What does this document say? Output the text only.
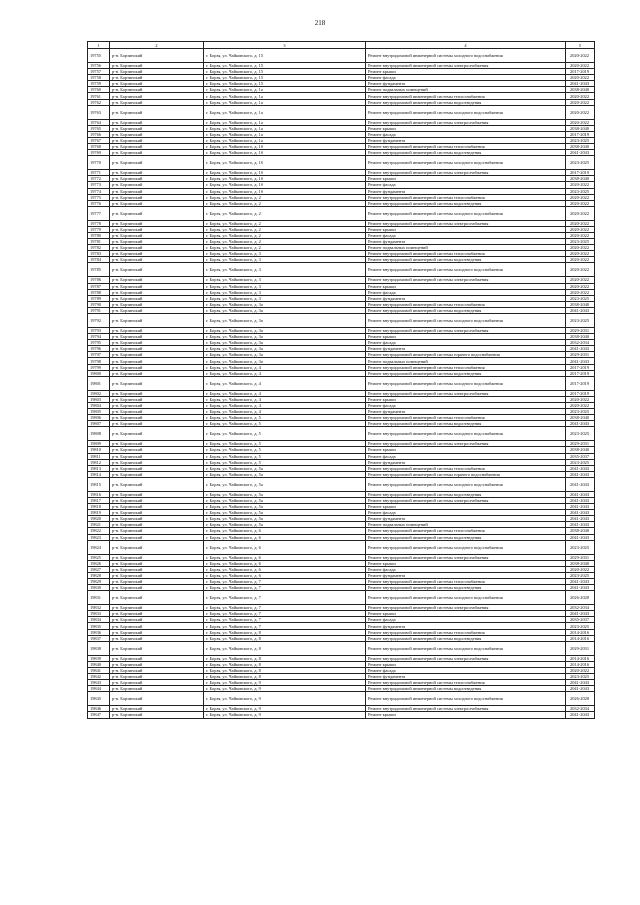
218
1	2	3	4	5
19755	р-н. Борзинский	г. Борзя, ул. Чайковского, д. 15	Ремонт внутридомовой инженерной системы холодного водоснабжения	2020-2022
19756	р-н. Борзинский	г. Борзя, ул. Чайковского, д. 15	Ремонт внутридомовой инженерной системы электроснабжения	2020-2022
19757	р-н. Борзинский	г. Борзя, ул. Чайковского, д. 15	Ремонт крыши	2017-2019
19758	р-н. Борзинский	г. Борзя, ул. Чайковского, д. 15	Ремонт фасада	2020-2022
19759	р-н. Борзинский	г. Борзя, ул. Чайковского, д. 15	Ремонт фундамента	2041-2043
19760	р-н. Борзинский	г. Борзя, ул. Чайковского, д. 1а	Ремонт подвальных помещений	2038-2040
19761	р-н. Борзинский	г. Борзя, ул. Чайковского, д. 1а	Ремонт внутридомовой инженерной системы теплоснабжения	2020-2022
19762	р-н. Борзинский	г. Борзя, ул. Чайковского, д. 1а	Ремонт внутридомовой инженерной системы водоотведения	2020-2022
19763	р-н. Борзинский	г. Борзя, ул. Чайковского, д. 1а	Ремонт внутридомовой инженерной системы холодного водоснабжения	2020-2022
19764	р-н. Борзинский	г. Борзя, ул. Чайковского, д. 1а	Ремонт внутридомовой инженерной системы электроснабжения	2020-2022
19765	р-н. Борзинский	г. Борзя, ул. Чайковского, д. 1а	Ремонт крыши	2038-2040
19766	р-н. Борзинский	г. Борзя, ул. Чайковского, д. 1а	Ремонт фасада	2017-2019
19767	р-н. Борзинский	г. Борзя, ул. Чайковского, д. 1а	Ремонт фундамента	2023-2025
19768	р-н. Борзинский	г. Борзя, ул. Чайковского, д. 1б	Ремонт внутридомовой инженерной системы теплоснабжения	2038-2040
19769	р-н. Борзинский	г. Борзя, ул. Чайковского, д. 1б	Ремонт внутридомовой инженерной системы водоотведения	2041-2043
19770	р-н. Борзинский	г. Борзя, ул. Чайковского, д. 1б	Ремонт внутридомовой инженерной системы холодного водоснабжения	2023-2025
19771	р-н. Борзинский	г. Борзя, ул. Чайковского, д. 1б	Ремонт внутридомовой инженерной системы электроснабжения	2017-2019
19772	р-н. Борзинский	г. Борзя, ул. Чайковского, д. 1б	Ремонт крыши	2038-2040
19773	р-н. Борзинский	г. Борзя, ул. Чайковского, д. 1б	Ремонт фасада	2020-2022
19774	р-н. Борзинский	г. Борзя, ул. Чайковского, д. 1б	Ремонт фундамента	2023-2025
19775	р-н. Борзинский	г. Борзя, ул. Чайковского, д. 2	Ремонт внутридомовой инженерной системы теплоснабжения	2020-2022
19776	р-н. Борзинский	г. Борзя, ул. Чайковского, д. 2	Ремонт внутридомовой инженерной системы водоотведения	2020-2022
19777	р-н. Борзинский	г. Борзя, ул. Чайковского, д. 2	Ремонт внутридомовой инженерной системы холодного водоснабжения	2020-2022
19778	р-н. Борзинский	г. Борзя, ул. Чайковского, д. 2	Ремонт внутридомовой инженерной системы электроснабжения	2020-2022
19779	р-н. Борзинский	г. Борзя, ул. Чайковского, д. 2	Ремонт крыши	2020-2022
19780	р-н. Борзинский	г. Борзя, ул. Чайковского, д. 2	Ремонт фасада	2020-2022
19781	р-н. Борзинский	г. Борзя, ул. Чайковского, д. 2	Ремонт фундамента	2023-2025
19782	р-н. Борзинский	г. Борзя, ул. Чайковского, д. 2	Ремонт подвальных помещений	2020-2022
19783	р-н. Борзинский	г. Борзя, ул. Чайковского, д. 3	Ремонт внутридомовой инженерной системы теплоснабжения	2020-2022
19784	р-н. Борзинский	г. Борзя, ул. Чайковского, д. 3	Ремонт внутридомовой инженерной системы водоотведения	2020-2022
19785	р-н. Борзинский	г. Борзя, ул. Чайковского, д. 3	Ремонт внутридомовой инженерной системы холодного водоснабжения	2020-2022
19786	р-н. Борзинский	г. Борзя, ул. Чайковского, д. 3	Ремонт внутридомовой инженерной системы электроснабжения	2020-2022
19787	р-н. Борзинский	г. Борзя, ул. Чайковского, д. 3	Ремонт крыши	2020-2022
19788	р-н. Борзинский	г. Борзя, ул. Чайковского, д. 3	Ремонт фасада	2020-2022
19789	р-н. Борзинский	г. Борзя, ул. Чайковского, д. 3	Ремонт фундамента	2023-2025
19790	р-н. Борзинский	г. Борзя, ул. Чайковского, д. 3а	Ремонт внутридомовой инженерной системы теплоснабжения	2038-2040
19791	р-н. Борзинский	г. Борзя, ул. Чайковского, д. 3а	Ремонт внутридомовой инженерной системы водоотведения	2041-2043
19792	р-н. Борзинский	г. Борзя, ул. Чайковского, д. 3а	Ремонт внутридомовой инженерной системы холодного водоснабжения	2023-2025
19793	р-н. Борзинский	г. Борзя, ул. Чайковского, д. 3а	Ремонт внутридомовой инженерной системы электроснабжения	2029-2031
19794	р-н. Борзинский	г. Борзя, ул. Чайковского, д. 3а	Ремонт крыши	2038-2040
19795	р-н. Борзинский	г. Борзя, ул. Чайковского, д. 3а	Ремонт фасада	2032-2034
19796	р-н. Борзинский	г. Борзя, ул. Чайковского, д. 3а	Ремонт фундамента	2041-2043
19797	р-н. Борзинский	г. Борзя, ул. Чайковского, д. 3а	Ремонт внутридомовой инженерной системы горячего водоснабжения	2029-2031
19798	р-н. Борзинский	г. Борзя, ул. Чайковского, д. 3а	Ремонт подвальных помещений	2041-2043
19799	р-н. Борзинский	г. Борзя, ул. Чайковского, д. 4	Ремонт внутридомовой инженерной системы теплоснабжения	2017-2019
19800	р-н. Борзинский	г. Борзя, ул. Чайковского, д. 4	Ремонт внутридомовой инженерной системы водоотведения	2017-2019
19801	р-н. Борзинский	г. Борзя, ул. Чайковского, д. 4	Ремонт внутридомовой инженерной системы холодного водоснабжения	2017-2019
19802	р-н. Борзинский	г. Борзя, ул. Чайковского, д. 4	Ремонт внутридомовой инженерной системы электроснабжения	2017-2019
19803	р-н. Борзинский	г. Борзя, ул. Чайковского, д. 4	Ремонт крыши	2020-2022
19804	р-н. Борзинский	г. Борзя, ул. Чайковского, д. 4	Ремонт фасада	2020-2022
19805	р-н. Борзинский	г. Борзя, ул. Чайковского, д. 4	Ремонт фундамента	2023-2025
19806	р-н. Борзинский	г. Борзя, ул. Чайковского, д. 5	Ремонт внутридомовой инженерной системы теплоснабжения	2038-2040
19807	р-н. Борзинский	г. Борзя, ул. Чайковского, д. 5	Ремонт внутридомовой инженерной системы водоотведения	2041-2043
19808	р-н. Борзинский	г. Борзя, ул. Чайковского, д. 5	Ремонт внутридомовой инженерной системы холодного водоснабжения	2023-2025
19809	р-н. Борзинский	г. Борзя, ул. Чайковского, д. 5	Ремонт внутридомовой инженерной системы электроснабжения	2029-2031
19810	р-н. Борзинский	г. Борзя, ул. Чайковского, д. 5	Ремонт крыши	2038-2040
19811	р-н. Борзинский	г. Борзя, ул. Чайковского, д. 5	Ремонт фасада	2035-2037
19812	р-н. Борзинский	г. Борзя, ул. Чайковского, д. 5	Ремонт фундамента	2023-2025
19813	р-н. Борзинский	г. Борзя, ул. Чайковского, д. 5а	Ремонт внутридомовой инженерной системы теплоснабжения	2041-2043
19814	р-н. Борзинский	г. Борзя, ул. Чайковского, д. 5а	Ремонт внутридомовой инженерной системы горячего водоснабжения	2041-2043
19815	р-н. Борзинский	г. Борзя, ул. Чайковского, д. 5а	Ремонт внутридомовой инженерной системы холодного водоснабжения	2041-2043
19816	р-н. Борзинский	г. Борзя, ул. Чайковского, д. 5а	Ремонт внутридомовой инженерной системы водоотведения	2041-2043
19817	р-н. Борзинский	г. Борзя, ул. Чайковского, д. 5а	Ремонт внутридомовой инженерной системы электроснабжения	2041-2043
19818	р-н. Борзинский	г. Борзя, ул. Чайковского, д. 5а	Ремонт крыши	2041-2043
19819	р-н. Борзинский	г. Борзя, ул. Чайковского, д. 5а	Ремонт фасада	2041-2043
19820	р-н. Борзинский	г. Борзя, ул. Чайковского, д. 5а	Ремонт фундамента	2041-2043
19821	р-н. Борзинский	г. Борзя, ул. Чайковского, д. 5а	Ремонт подвальных помещений	2041-2043
19822	р-н. Борзинский	г. Борзя, ул. Чайковского, д. 6	Ремонт внутридомовой инженерной системы теплоснабжения	2038-2040
19823	р-н. Борзинский	г. Борзя, ул. Чайковского, д. 6	Ремонт внутридомовой инженерной системы водоотведения	2041-2043
19824	р-н. Борзинский	г. Борзя, ул. Чайковского, д. 6	Ремонт внутридомовой инженерной системы холодного водоснабжения	2023-2025
19825	р-н. Борзинский	г. Борзя, ул. Чайковского, д. 6	Ремонт внутридомовой инженерной системы электроснабжения	2029-2031
19826	р-н. Борзинский	г. Борзя, ул. Чайковского, д. 6	Ремонт крыши	2038-2040
19827	р-н. Борзинский	г. Борзя, ул. Чайковского, д. 6	Ремонт фасада	2020-2022
19828	р-н. Борзинский	г. Борзя, ул. Чайковского, д. 6	Ремонт фундамента	2023-2025
19829	р-н. Борзинский	г. Борзя, ул. Чайковского, д. 7	Ремонт внутридомовой инженерной системы теплоснабжения	2041-2043
19830	р-н. Борзинский	г. Борзя, ул. Чайковского, д. 7	Ремонт внутридомовой инженерной системы водоотведения	2041-2043
19831	р-н. Борзинский	г. Борзя, ул. Чайковского, д. 7	Ремонт внутридомовой инженерной системы холодного водоснабжения	2026-2028
19832	р-н. Борзинский	г. Борзя, ул. Чайковского, д. 7	Ремонт внутридомовой инженерной системы электроснабжения	2032-2034
19833	р-н. Борзинский	г. Борзя, ул. Чайковского, д. 7	Ремонт крыши	2041-2043
19834	р-н. Борзинский	г. Борзя, ул. Чайковского, д. 7	Ремонт фасада	2035-2037
19835	р-н. Борзинский	г. Борзя, ул. Чайковского, д. 7	Ремонт фундамента	2023-2025
19836	р-н. Борзинский	г. Борзя, ул. Чайковского, д. 8	Ремонт внутридомовой инженерной системы теплоснабжения	2014-2016
19837	р-н. Борзинский	г. Борзя, ул. Чайковского, д. 8	Ремонт внутридомовой инженерной системы водоотведения	2014-2016
19838	р-н. Борзинский	г. Борзя, ул. Чайковского, д. 8	Ремонт внутридомовой инженерной системы холодного водоснабжения	2029-2031
19839	р-н. Борзинский	г. Борзя, ул. Чайковского, д. 8	Ремонт внутридомовой инженерной системы электроснабжения	2014-2016
19840	р-н. Борзинский	г. Борзя, ул. Чайковского, д. 8	Ремонт крыши	2014-2016
19841	р-н. Борзинский	г. Борзя, ул. Чайковского, д. 8	Ремонт фасада	2020-2022
19842	р-н. Борзинский	г. Борзя, ул. Чайковского, д. 8	Ремонт фундамента	2023-2025
19843	р-н. Борзинский	г. Борзя, ул. Чайковского, д. 9	Ремонт внутридомовой инженерной системы теплоснабжения	2041-2043
19844	р-н. Борзинский	г. Борзя, ул. Чайковского, д. 9	Ремонт внутридомовой инженерной системы водоотведения	2041-2043
19845	р-н. Борзинский	г. Борзя, ул. Чайковского, д. 9	Ремонт внутридомовой инженерной системы холодного водоснабжения	2026-2028
19846	р-н. Борзинский	г. Борзя, ул. Чайковского, д. 9	Ремонт внутридомовой инженерной системы электроснабжения	2032-2034
19847	р-н. Борзинский	г. Борзя, ул. Чайковского, д. 9	Ремонт крыши	2041-2043
